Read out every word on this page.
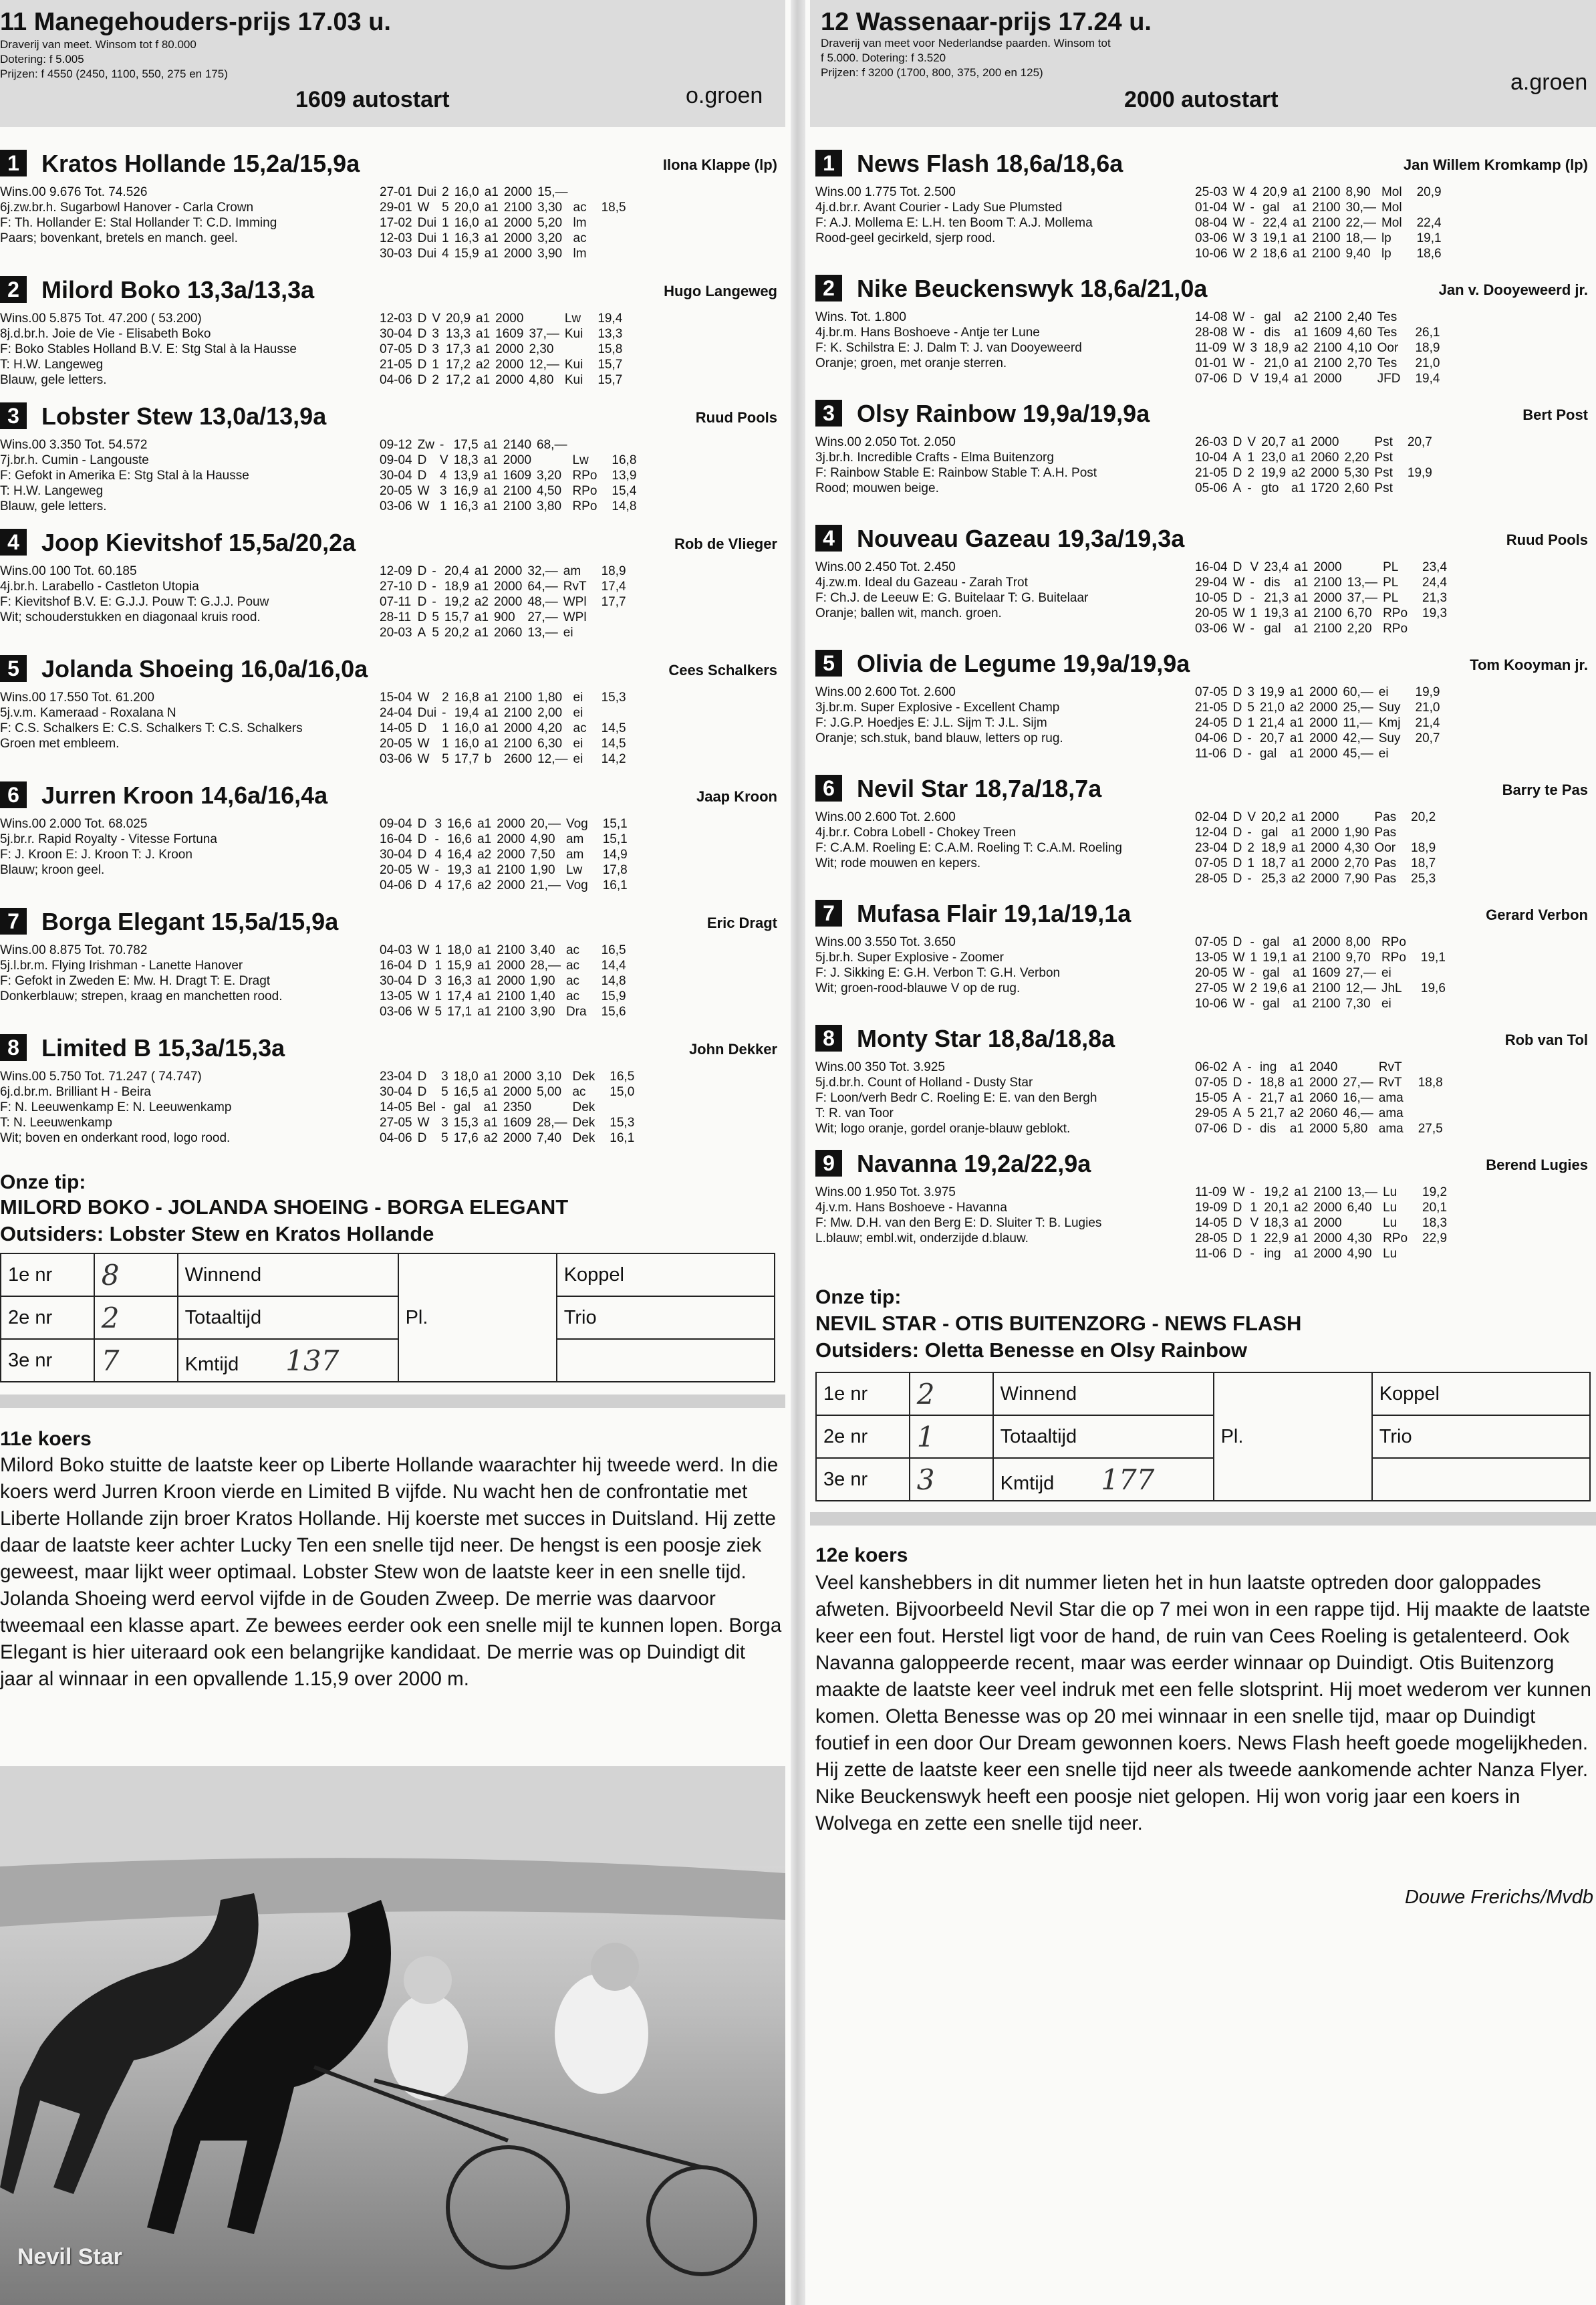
11 Manegehouders-prijs 17.03 u.
Draverij van meet. Winsom tot f 80.000
Dotering: f 5.005
Prijzen: f 4550 (2450, 1100, 550, 275 en 175)
1609 autostart	o.groen
1 Kratos Hollande 15,2a/15,9a	Ilona Klappe (lp)
Wins.00 9.676 Tot. 74.526
6j.zw.br.h. Sugarbowl Hanover - Carla Crown
F: Th. Hollander E: Stal Hollander T: C.D. Imming
Paars; bovenkant, bretels en manch. geel.
27-01	Dui	2	16,0	a1	2000	15,—		
29-01	W	5	20,0	a1	2100	3,30	ac	18,5
17-02	Dui	1	16,0	a1	2000	5,20	lm	
12-03	Dui	1	16,3	a1	2000	3,20	ac	
30-03	Dui	4	15,9	a1	2000	3,90	lm	
2 Milord Boko 13,3a/13,3a	Hugo Langeweg
Wins.00 5.875 Tot. 47.200 ( 53.200)
8j.d.br.h. Joie de Vie - Elisabeth Boko
F: Boko Stables Holland B.V. E: Stg Stal à la Hausse
T: H.W. Langeweg
Blauw, gele letters.
12-03	D	V	20,9	a1	2000		Lw	19,4
30-04	D	3	13,3	a1	1609	37,—	Kui	13,3
07-05	D	3	17,3	a1	2000	2,30		15,8
21-05	D	1	17,2	a2	2000	12,—	Kui	15,7
04-06	D	2	17,2	a1	2000	4,80	Kui	15,7
3 Lobster Stew 13,0a/13,9a	Ruud Pools
Wins.00 3.350 Tot. 54.572
7j.br.h. Cumin - Langouste
F: Gefokt in Amerika E: Stg Stal à la Hausse
T: H.W. Langeweg
Blauw, gele letters.
09-12	Zw	-	17,5	a1	2140	68,—		
09-04	D	V	18,3	a1	2000		Lw	16,8
30-04	D	4	13,9	a1	1609	3,20	RPo	13,9
20-05	W	3	16,9	a1	2100	4,50	RPo	15,4
03-06	W	1	16,3	a1	2100	3,80	RPo	14,8
4 Joop Kievitshof 15,5a/20,2a	Rob de Vlieger
Wins.00 100 Tot. 60.185
4j.br.h. Larabello - Castleton Utopia
F: Kievitshof B.V. E: G.J.J. Pouw T: G.J.J. Pouw
Wit; schouderstukken en diagonaal kruis rood.
12-09	D	-	20,4	a1	2000	32,—	am	18,9
27-10	D	-	18,9	a1	2000	64,—	RvT	17,4
07-11	D	-	19,2	a2	2000	48,—	WPl	17,7
28-11	D	5	15,7	a1	900	27,—	WPl	
20-03	A	5	20,2	a1	2060	13,—	ei	
5 Jolanda Shoeing 16,0a/16,0a	Cees Schalkers
Wins.00 17.550 Tot. 61.200
5j.v.m. Kameraad - Roxalana N
F: C.S. Schalkers E: C.S. Schalkers T: C.S. Schalkers
Groen met embleem.
15-04	W	2	16,8	a1	2100	1,80	ei	15,3
24-04	Dui	-	19,4	a1	2100	2,00	ei	
14-05	D	1	16,0	a1	2000	4,20	ac	14,5
20-05	W	1	16,0	a1	2100	6,30	ei	14,5
03-06	W	5	17,7	b	2600	12,—	ei	14,2
6 Jurren Kroon 14,6a/16,4a	Jaap Kroon
Wins.00 2.000 Tot. 68.025
5j.br.r. Rapid Royalty - Vitesse Fortuna
F: J. Kroon E: J. Kroon T: J. Kroon
Blauw; kroon geel.
09-04	D	3	16,6	a1	2000	20,—	Vog	15,1
16-04	D	-	16,6	a1	2000	4,90	am	15,1
30-04	D	4	16,4	a2	2000	7,50	am	14,9
20-05	W	-	19,3	a1	2100	1,90	Lw	17,8
04-06	D	4	17,6	a2	2000	21,—	Vog	16,1
7 Borga Elegant 15,5a/15,9a	Eric Dragt
Wins.00 8.875 Tot. 70.782
5j.l.br.m. Flying Irishman - Lanette Hanover
F: Gefokt in Zweden E: Mw. H. Dragt T: E. Dragt
Donkerblauw; strepen, kraag en manchetten rood.
04-03	W	1	18,0	a1	2100	3,40	ac	16,5
16-04	D	1	15,9	a1	2000	28,—	ac	14,4
30-04	D	3	16,3	a1	2000	1,90	ac	14,8
13-05	W	1	17,4	a1	2100	1,40	ac	15,9
03-06	W	5	17,1	a1	2100	3,90	Dra	15,6
8 Limited B 15,3a/15,3a	John Dekker
Wins.00 5.750 Tot. 71.247 ( 74.747)
6j.d.br.m. Brilliant H - Beira
F: N. Leeuwenkamp E: N. Leeuwenkamp
T: N. Leeuwenkamp
Wit; boven en onderkant rood, logo rood.
23-04	D	3	18,0	a1	2000	3,10	Dek	16,5
30-04	D	5	16,5	a1	2000	5,00	ac	15,0
14-05	Bel	-	gal	a1	2350		Dek	
27-05	W	3	15,3	a1	1609	28,—	Dek	15,3
04-06	D	5	17,6	a2	2000	7,40	Dek	16,1
Onze tip:
MILORD BOKO - JOLANDA SHOEING - BORGA ELEGANT
Outsiders: Lobster Stew en Kratos Hollande
1e nr	8	Winnend	Pl.	Koppel
2e nr	2	Totaaltijd		Trio
3e nr	7	Kmtijd 137		
11e koers
Milord Boko stuitte de laatste keer op Liberte Hollande waarachter hij tweede werd. In die koers werd Jurren Kroon vierde en Limited B vijfde. Nu wacht hen de confrontatie met Liberte Hollande zijn broer Kratos Hollande. Hij koerste met succes in Duitsland. Hij zette daar de laatste keer achter Lucky Ten een snelle tijd neer. De hengst is een poosje ziek geweest, maar lijkt weer optimaal. Lobster Stew won de laatste keer in een snelle tijd. Jolanda Shoeing werd eervol vijfde in de Gouden Zweep. De merrie was daarvoor tweemaal een klasse apart. Ze bewees eerder ook een snelle mijl te kunnen lopen. Borga Elegant is hier uiteraard ook een belangrijke kandidaat. De merrie was op Duindigt dit jaar al winnaar in een opvallende 1.15,9 over 2000 m.
Nevil Star
12 Wassenaar-prijs 17.24 u.
Draverij van meet voor Nederlandse paarden. Winsom tot
f 5.000. Dotering: f 3.520
Prijzen: f 3200 (1700, 800, 375, 200 en 125)
2000 autostart
a.groen
1 News Flash 18,6a/18,6a	Jan Willem Kromkamp (lp)
Wins.00 1.775 Tot. 2.500
4j.d.br.r. Avant Courier - Lady Sue Plumsted
F: A.J. Mollema E: L.H. ten Boom T: A.J. Mollema
Rood-geel gecirkeld, sjerp rood.
25-03	W	4	20,9	a1	2100	8,90	Mol	20,9
01-04	W	-	gal	a1	2100	30,—	Mol	
08-04	W	-	22,4	a1	2100	22,—	Mol	22,4
03-06	W	3	19,1	a1	2100	18,—	lp	19,1
10-06	W	2	18,6	a1	2100	9,40	lp	18,6
2 Nike Beuckenswyk 18,6a/21,0a	Jan v. Dooyeweerd jr.
Wins. Tot. 1.800
4j.br.m. Hans Boshoeve - Antje ter Lune
F: K. Schilstra E: J. Dalm T: J. van Dooyeweerd
Oranje; groen, met oranje sterren.
14-08	W	-	gal	a2	2100	2,40	Tes	
28-08	W	-	dis	a1	1609	4,60	Tes	26,1
11-09	W	3	18,9	a2	2100	4,10	Oor	18,9
01-01	W	-	21,0	a1	2100	2,70	Tes	21,0
07-06	D	V	19,4	a1	2000		JFD	19,4
3 Olsy Rainbow 19,9a/19,9a	Bert Post
Wins.00 2.050 Tot. 2.050
3j.br.h. Incredible Crafts - Elma Buitenzorg
F: Rainbow Stable E: Rainbow Stable T: A.H. Post
Rood; mouwen beige.
26-03	D	V	20,7	a1	2000		Pst	20,7
10-04	A	1	23,0	a1	2060	2,20	Pst	
21-05	D	2	19,9	a2	2000	5,30	Pst	19,9
05-06	A	-	gto	a1	1720	2,60	Pst	
4 Nouveau Gazeau 19,3a/19,3a	Ruud Pools
Wins.00 2.450 Tot. 2.450
4j.zw.m. Ideal du Gazeau - Zarah Trot
F: Ch.J. de Leeuw E: G. Buitelaar T: G. Buitelaar
Oranje; ballen wit, manch. groen.
16-04	D	V	23,4	a1	2000		PL	23,4
29-04	W	-	dis	a1	2100	13,—	PL	24,4
10-05	D	-	21,3	a1	2000	37,—	PL	21,3
20-05	W	1	19,3	a1	2100	6,70	RPo	19,3
03-06	W	-	gal	a1	2100	2,20	RPo	
5 Olivia de Legume 19,9a/19,9a	Tom Kooyman jr.
Wins.00 2.600 Tot. 2.600
3j.br.m. Super Explosive - Excellent Champ
F: J.G.P. Hoedjes E: J.L. Sijm T: J.L. Sijm
Oranje; sch.stuk, band blauw, letters op rug.
07-05	D	3	19,9	a1	2000	60,—	ei	19,9
21-05	D	5	21,0	a2	2000	25,—	Suy	21,0
24-05	D	1	21,4	a1	2000	11,—	Kmj	21,4
04-06	D	-	20,7	a1	2000	42,—	Suy	20,7
11-06	D	-	gal	a1	2000	45,—	ei	
6 Nevil Star 18,7a/18,7a	Barry te Pas
Wins.00 2.600 Tot. 2.600
4j.br.r. Cobra Lobell - Chokey Treen
F: C.A.M. Roeling E: C.A.M. Roeling T: C.A.M. Roeling
Wit; rode mouwen en kepers.
02-04	D	V	20,2	a1	2000		Pas	20,2
12-04	D	-	gal	a1	2000	1,90	Pas	
23-04	D	2	18,9	a1	2000	4,30	Oor	18,9
07-05	D	1	18,7	a1	2000	2,70	Pas	18,7
28-05	D	-	25,3	a2	2000	7,90	Pas	25,3
7 Mufasa Flair 19,1a/19,1a	Gerard Verbon
Wins.00 3.550 Tot. 3.650
5j.br.h. Super Explosive - Zoomer
F: J. Sikking E: G.H. Verbon T: G.H. Verbon
Wit; groen-rood-blauwe V op de rug.
07-05	D	-	gal	a1	2000	8,00	RPo	
13-05	W	1	19,1	a1	2100	9,70	RPo	19,1
20-05	W	-	gal	a1	1609	27,—	ei	
27-05	W	2	19,6	a1	2100	12,—	JhL	19,6
10-06	W	-	gal	a1	2100	7,30	ei	
8 Monty Star 18,8a/18,8a	Rob van Tol
Wins.00 350 Tot. 3.925
5j.d.br.h. Count of Holland - Dusty Star
F: Loon/verh Bedr C. Roeling E: E. van den Bergh
T: R. van Toor
Wit; logo oranje, gordel oranje-blauw geblokt.
06-02	A	-	ing	a1	2040		RvT	
07-05	D	-	18,8	a1	2000	27,—	RvT	18,8
15-05	A	-	21,7	a1	2060	16,—	ama	
29-05	A	5	21,7	a2	2060	46,—	ama	
07-06	D	-	dis	a1	2000	5,80	ama	27,5
9 Navanna 19,2a/22,9a	Berend Lugies
Wins.00 1.950 Tot. 3.975
4j.v.m. Hans Boshoeve - Havanna
F: Mw. D.H. van den Berg E: D. Sluiter T: B. Lugies
L.blauw; embl.wit, onderzijde d.blauw.
11-09	W	-	19,2	a1	2100	13,—	Lu	19,2
19-09	D	1	20,1	a2	2000	6,40	Lu	20,1
14-05	D	V	18,3	a1	2000		Lu	18,3
28-05	D	1	22,9	a1	2000	4,30	RPo	22,9
11-06	D	-	ing	a1	2000	4,90	Lu	
Onze tip:
NEVIL STAR - OTIS BUITENZORG - NEWS FLASH
Outsiders: Oletta Benesse en Olsy Rainbow
1e nr	2	Winnend	Pl.	Koppel
2e nr	1	Totaaltijd		Trio
3e nr	3	Kmtijd 177		
12e koers
Veel kanshebbers in dit nummer lieten het in hun laatste optreden door galoppades afweten. Bijvoorbeeld Nevil Star die op 7 mei won in een rappe tijd. Hij maakte de laatste keer een fout. Herstel ligt voor de hand, de ruin van Cees Roeling is getalenteerd. Ook Navanna galoppeerde recent, maar was eerder winnaar op Duindigt. Otis Buitenzorg maakte de laatste keer veel indruk met een felle slotsprint. Hij moet wederom ver kunnen komen. Oletta Benesse was op 20 mei winnaar in een snelle tijd, maar op Duindigt foutief in een door Our Dream gewonnen koers. News Flash heeft goede mogelijkheden. Hij zette de laatste keer een snelle tijd neer als tweede aankomende achter Nanza Flyer. Nike Beuckenswyk heeft een poosje niet gelopen. Hij won vorig jaar een koers in Wolvega en zette een snelle tijd neer.
Douwe Frerichs/Mvdb
